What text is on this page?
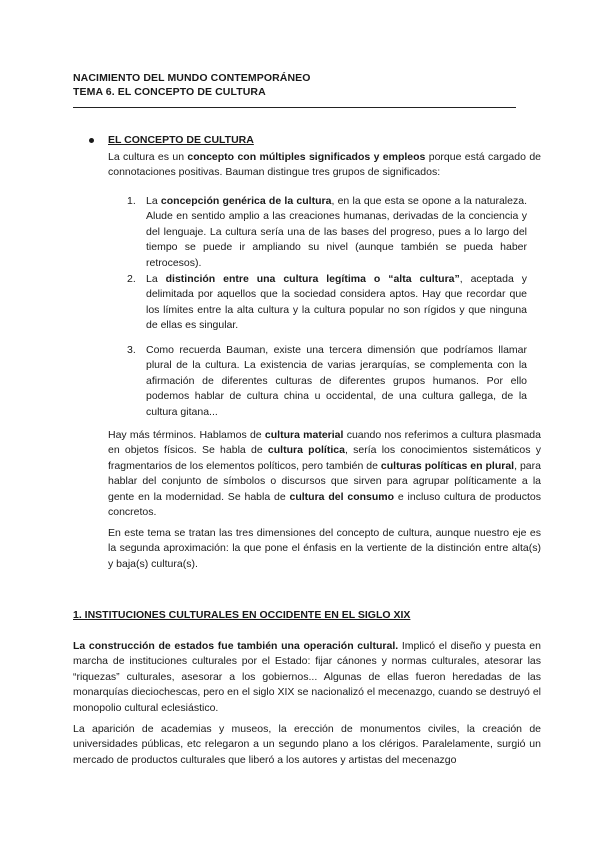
NACIMIENTO DEL MUNDO CONTEMPORÁNEO
TEMA 6. EL CONCEPTO DE CULTURA
EL CONCEPTO DE CULTURA
La cultura es un concepto con múltiples significados y empleos porque está cargado de connotaciones positivas. Bauman distingue tres grupos de significados:
1. La concepción genérica de la cultura, en la que esta se opone a la naturaleza. Alude en sentido amplio a las creaciones humanas, derivadas de la conciencia y del lenguaje. La cultura sería una de las bases del progreso, pues a lo largo del tiempo se puede ir ampliando su nivel (aunque también se pueda haber retrocesos).
2. La distinción entre una cultura legítima o “alta cultura”, aceptada y delimitada por aquellos que la sociedad considera aptos. Hay que recordar que los límites entre la alta cultura y la cultura popular no son rígidos y que ninguna de ellas es singular.
3. Como recuerda Bauman, existe una tercera dimensión que podríamos llamar plural de la cultura. La existencia de varias jerarquías, se complementa con la afirmación de diferentes culturas de diferentes grupos humanos. Por ello podemos hablar de cultura china u occidental, de una cultura gallega, de la cultura gitana...
Hay más términos. Hablamos de cultura material cuando nos referimos a cultura plasmada en objetos físicos. Se habla de cultura política, sería los conocimientos sistemáticos y fragmentarios de los elementos políticos, pero también de culturas políticas en plural, para hablar del conjunto de símbolos o discursos que sirven para agrupar políticamente a la gente en la modernidad. Se habla de cultura del consumo e incluso cultura de productos concretos.
En este tema se tratan las tres dimensiones del concepto de cultura, aunque nuestro eje es la segunda aproximación: la que pone el énfasis en la vertiente de la distinción entre alta(s) y baja(s) cultura(s).
1. INSTITUCIONES CULTURALES EN OCCIDENTE EN EL SIGLO XIX
La construcción de estados fue también una operación cultural. Implicó el diseño y puesta en marcha de instituciones culturales por el Estado: fijar cánones y normas culturales, atesorar las “riquezas” culturales, asesorar a los gobiernos... Algunas de ellas fueron heredadas de las monarquías dieciochescas, pero en el siglo XIX se nacionalizó el mecenazgo, cuando se destruyó el monopolio cultural eclesiástico.
La aparición de academias y museos, la erección de monumentos civiles, la creación de universidades públicas, etc relegaron a un segundo plano a los clérigos. Paralelamente, surgió un mercado de productos culturales que liberó a los autores y artistas del mecenazgo
